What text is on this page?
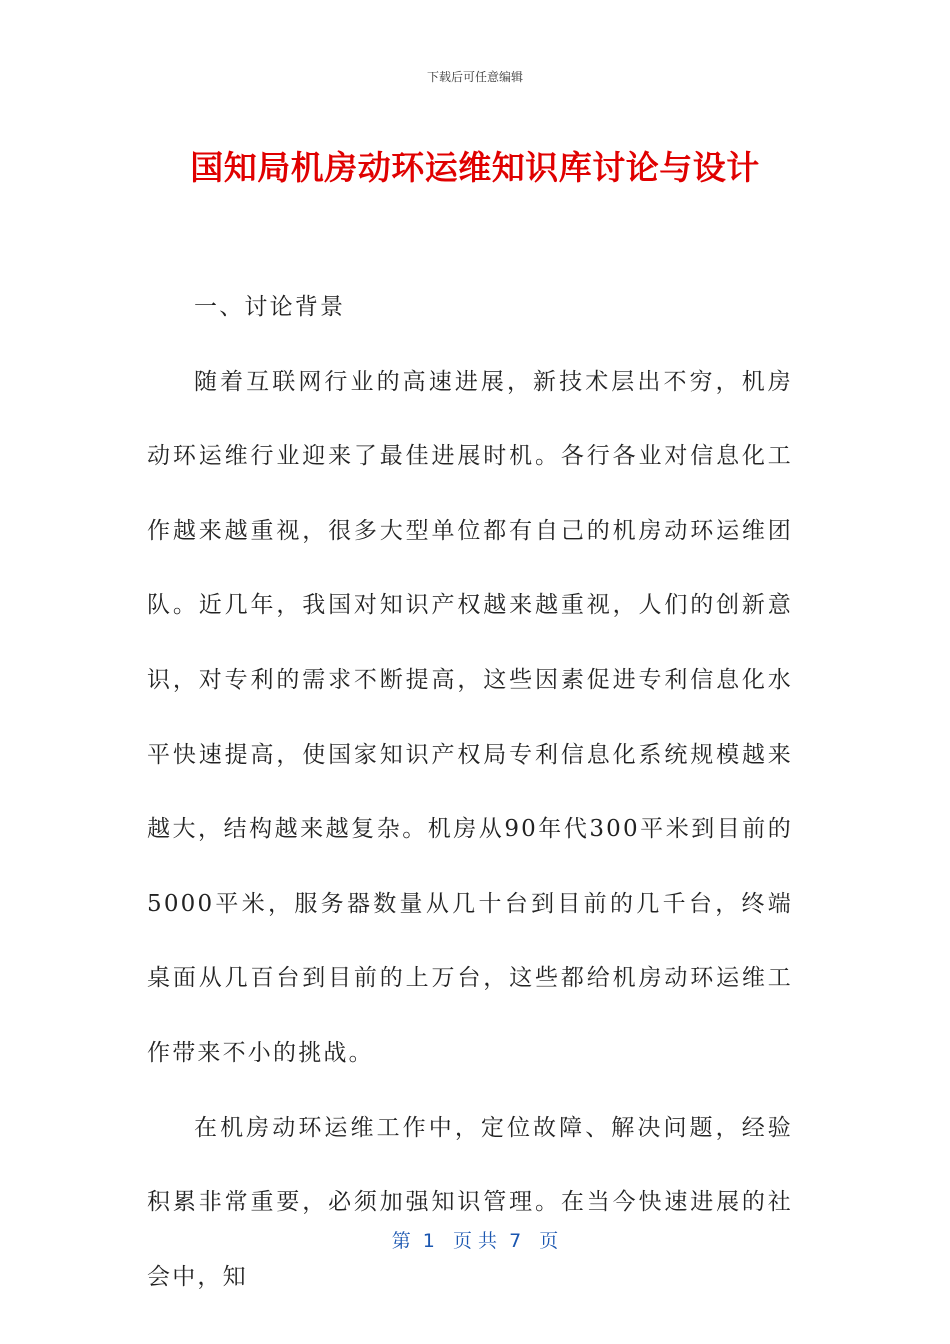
下载后可任意编辑
国知局机房动环运维知识库讨论与设计

一、讨论背景

随着互联网行业的高速进展，新技术层出不穷，机房动环运维行业迎来了最佳进展时机。各行各业对信息化工作越来越重视，很多大型单位都有自己的机房动环运维团队。近几年，我国对知识产权越来越重视，人们的创新意识，对专利的需求不断提高，这些因素促进专利信息化水平快速提高，使国家知识产权局专利信息化系统规模越来越大，结构越来越复杂。机房从90年代300平米到目前的5000平米，服务器数量从几十台到目前的几千台，终端桌面从几百台到目前的上万台，这些都给机房动环运维工作带来不小的挑战。

在机房动环运维工作中，定位故障、解决问题，经验积累非常重要，必须加强知识管理。在当今快速进展的社会中，知

第  1   页 共  7   页
